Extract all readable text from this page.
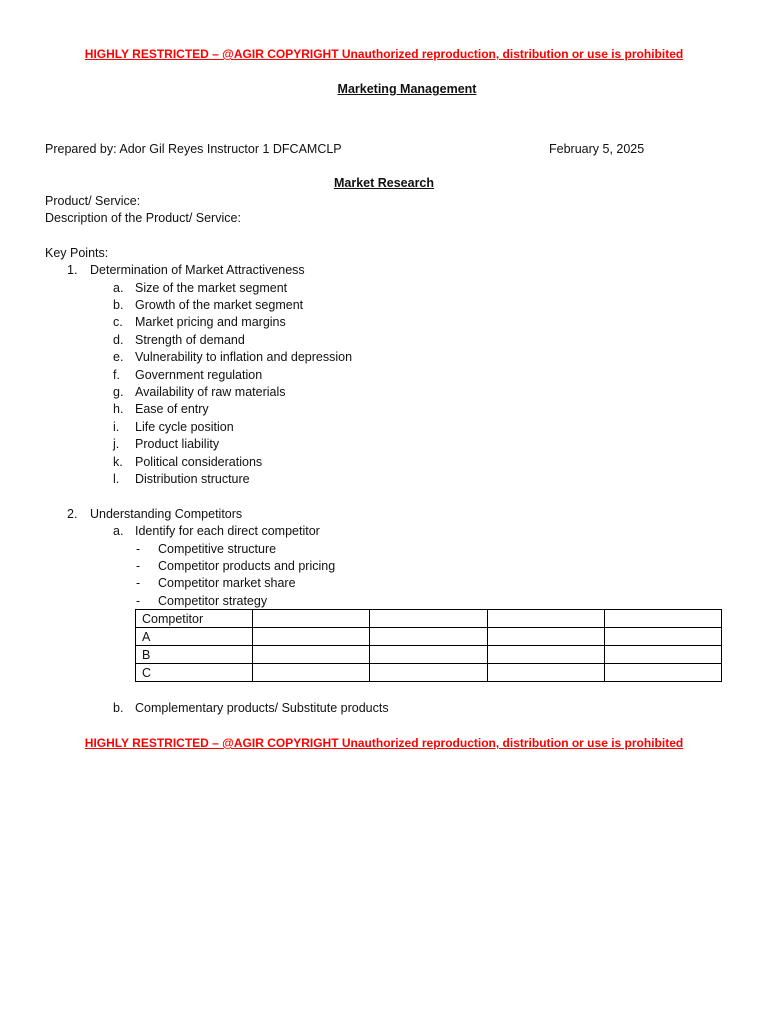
HIGHLY RESTRICTED – @AGIR COPYRIGHT Unauthorized reproduction, distribution or use is prohibited
Marketing Management
Prepared by: Ador Gil Reyes Instructor 1 DFCAMCLP	February 5, 2025
Market Research
Product/ Service:
Description of the Product/ Service:
Key Points:
1. Determination of Market Attractiveness
a. Size of the market segment
b. Growth of the market segment
c. Market pricing and margins
d. Strength of demand
e. Vulnerability to inflation and depression
f. Government regulation
g. Availability of raw materials
h. Ease of entry
i. Life cycle position
j. Product liability
k. Political considerations
l. Distribution structure
2. Understanding Competitors
a. Identify for each direct competitor
- Competitive structure
- Competitor products and pricing
- Competitor market share
- Competitor strategy
Competitor				
A				
B				
C				
b. Complementary products/ Substitute products
HIGHLY RESTRICTED – @AGIR COPYRIGHT Unauthorized reproduction, distribution or use is prohibited
